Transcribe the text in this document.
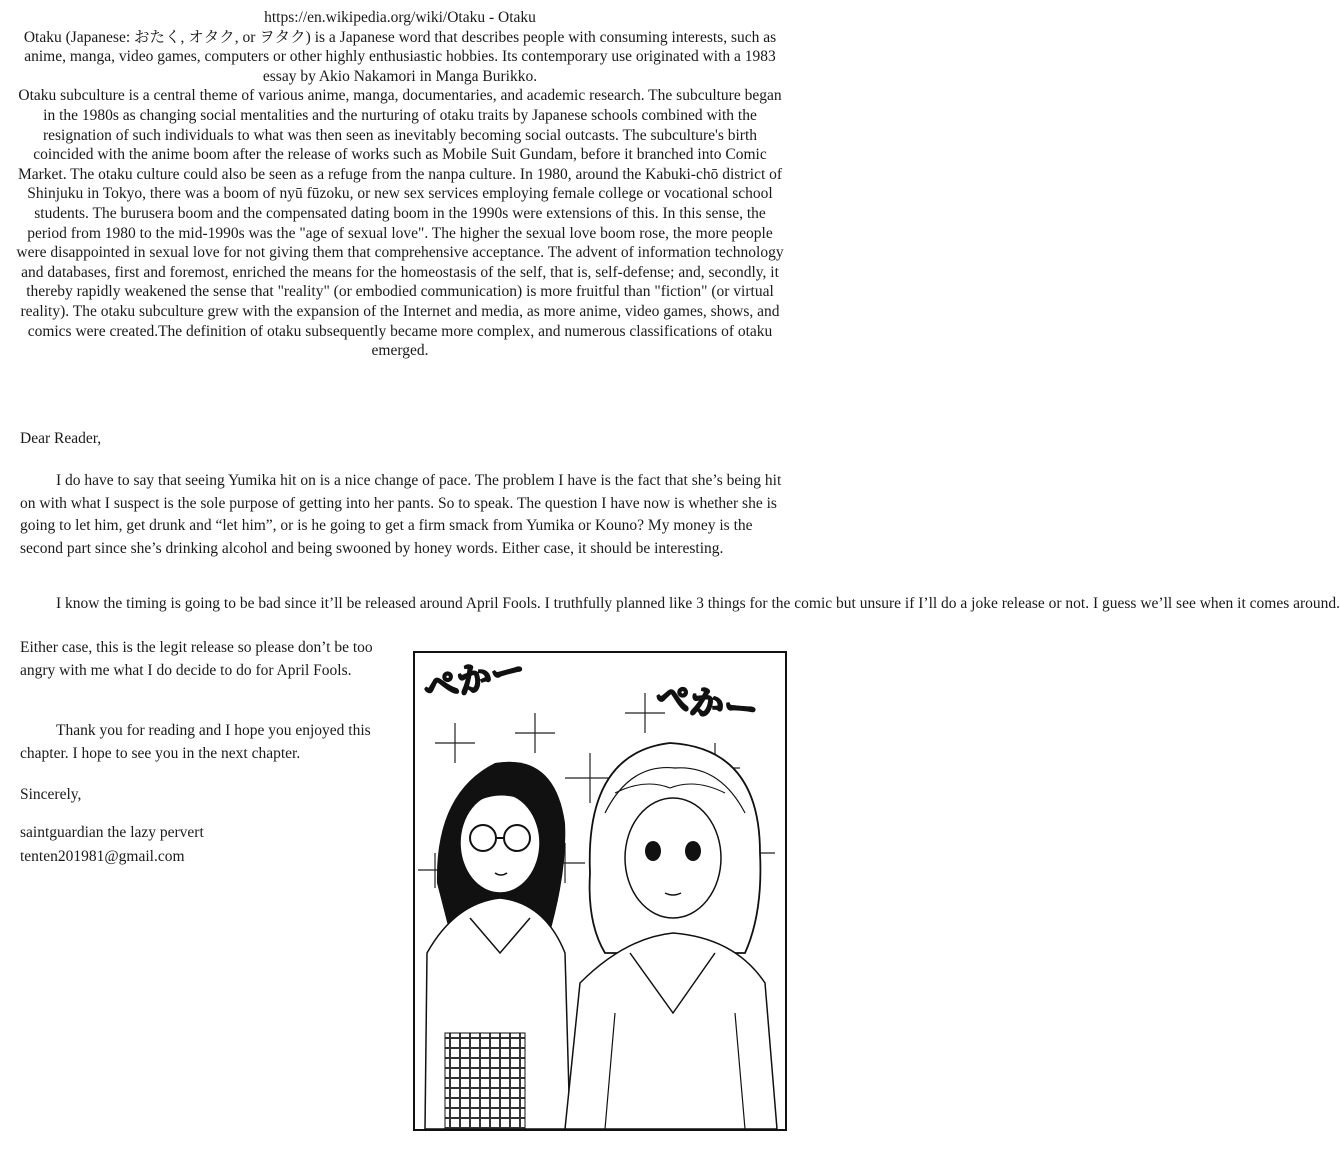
https://en.wikipedia.org/wiki/Otaku - Otaku

Otaku (Japanese: おたく, オタク, or ヲタク) is a Japanese word that describes people with consuming interests, such as anime, manga, video games, computers or other highly enthusiastic hobbies. Its contemporary use originated with a 1983 essay by Akio Nakamori in Manga Burikko.

Otaku subculture is a central theme of various anime, manga, documentaries, and academic research. The subculture began in the 1980s as changing social mentalities and the nurturing of otaku traits by Japanese schools combined with the resignation of such individuals to what was then seen as inevitably becoming social outcasts. The subculture's birth coincided with the anime boom after the release of works such as Mobile Suit Gundam, before it branched into Comic Market. The otaku culture could also be seen as a refuge from the nanpa culture. In 1980, around the Kabuki-chō district of Shinjuku in Tokyo, there was a boom of nyū fūzoku, or new sex services employing female college or vocational school students. The burusera boom and the compensated dating boom in the 1990s were extensions of this. In this sense, the period from 1980 to the mid-1990s was the "age of sexual love". The higher the sexual love boom rose, the more people were disappointed in sexual love for not giving them that comprehensive acceptance. The advent of information technology and databases, first and foremost, enriched the means for the homeostasis of the self, that is, self-defense; and, secondly, it thereby rapidly weakened the sense that "reality" (or embodied communication) is more fruitful than "fiction" (or virtual reality). The otaku subculture grew with the expansion of the Internet and media, as more anime, video games, shows, and comics were created.The definition of otaku subsequently became more complex, and numerous classifications of otaku emerged.

Dear Reader,
I do have to say that seeing Yumika hit on is a nice change of pace. The problem I have is the fact that she’s being hit on with what I suspect is the sole purpose of getting into her pants. So to speak. The question I have now is whether she is going to let him, get drunk and “let him”, or is he going to get a firm smack from Yumika or Kouno? My money is the second part since she’s drinking alcohol and being swooned by honey words. Either case, it should be interesting.
I know the timing is going to be bad since it’ll be released around April Fools. I truthfully planned like 3 things for the comic but unsure if I’ll do a joke release or not. I guess we’ll see when it comes around.
Either case, this is the legit release so please don’t be too angry with me what I do decide to do for April Fools.
Thank you for reading and I hope you enjoyed this chapter. I hope to see you in the next chapter.
Sincerely,
saintguardian the lazy pervert
tenten201981@gmail.com
ぺかー	ぺかー
